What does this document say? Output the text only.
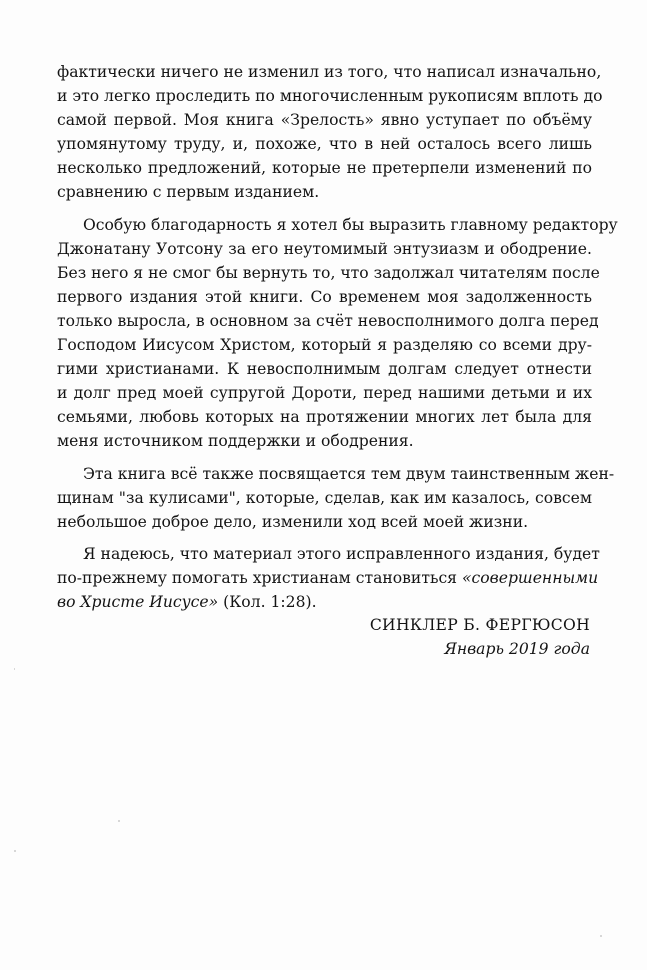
фактически ничего не изменил из того, что написал изначально,
и это легко проследить по многочисленным рукописям вплоть до
самой первой. Моя книга «Зрелость» явно уступает по объёму
упомянутому труду, и, похоже, что в ней осталось всего лишь
несколько предложений, которые не претерпели изменений по
сравнению с первым изданием.

Особую благодарность я хотел бы выразить главному редактору
Джонатану Уотсону за его неутомимый энтузиазм и ободрение.
Без него я не смог бы вернуть то, что задолжал читателям после
первого издания этой книги. Со временем моя задолженность
только выросла, в основном за счёт невосполнимого долга перед
Господом Иисусом Христом, который я разделяю со всеми дру-
гими христианами. К невосполнимым долгам следует отнести
и долг пред моей супругой Дороти, перед нашими детьми и их
семьями, любовь которых на протяжении многих лет была для
меня источником поддержки и ободрения.

Эта книга всё также посвящается тем двум таинственным жен-
щинам "за кулисами", которые, сделав, как им казалось, совсем
небольшое доброе дело, изменили ход всей моей жизни.

Я надеюсь, что материал этого исправленного издания, будет
по-прежнему помогать христианам становиться «совершенными
во Христе Иисусе» (Кол. 1:28).

СИНКЛЕР Б. ФЕРГЮСОН
Январь 2019 года
